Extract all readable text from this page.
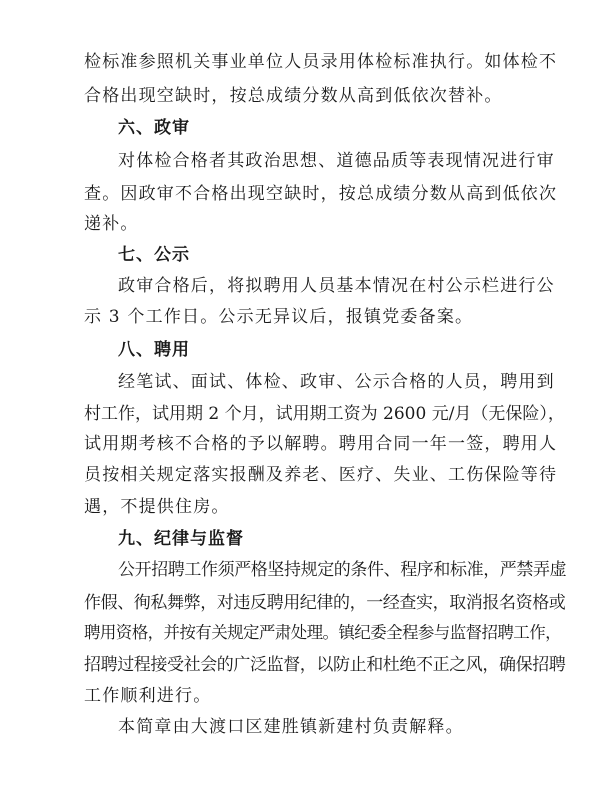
检标准参照机关事业单位人员录用体检标准执行。如体检不
合格出现空缺时，按总成绩分数从高到低依次替补。
六、政审
对体检合格者其政治思想、道德品质等表现情况进行审
查。因政审不合格出现空缺时，按总成绩分数从高到低依次
递补。
七、公示
政审合格后，将拟聘用人员基本情况在村公示栏进行公
示 3 个工作日。公示无异议后，报镇党委备案。
八、聘用
经笔试、面试、体检、政审、公示合格的人员，聘用到
村工作，试用期 2 个月，试用期工资为 2600 元/月（无保险），
试用期考核不合格的予以解聘。聘用合同一年一签，聘用人
员按相关规定落实报酬及养老、医疗、失业、工伤保险等待
遇，不提供住房。
九、纪律与监督
公开招聘工作须严格坚持规定的条件、程序和标准，严禁弄虚
作假、徇私舞弊，对违反聘用纪律的，一经查实，取消报名资格或
聘用资格，并按有关规定严肃处理。镇纪委全程参与监督招聘工作，
招聘过程接受社会的广泛监督，以防止和杜绝不正之风，确保招聘
工作顺利进行。
本简章由大渡口区建胜镇新建村负责解释。
